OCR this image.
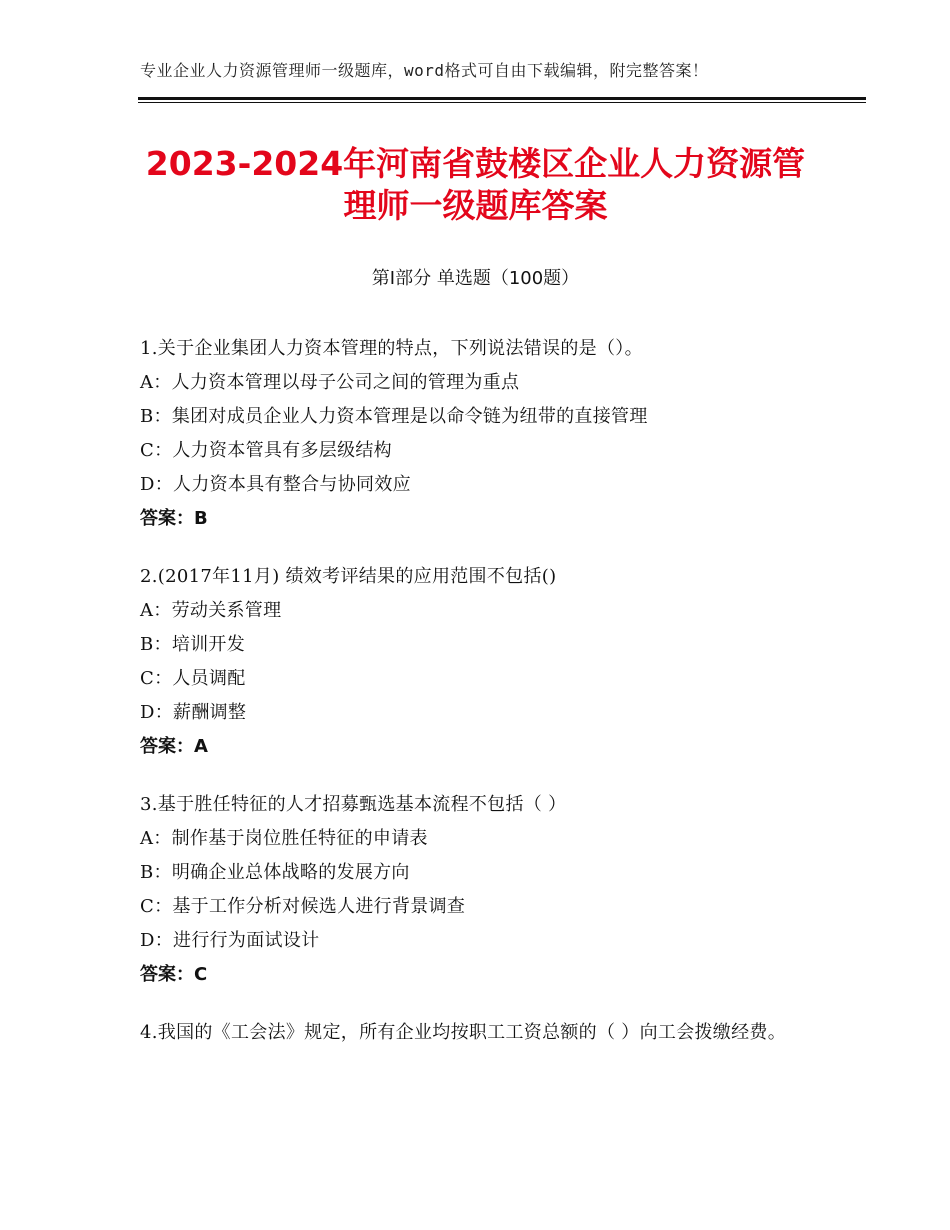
专业企业人力资源管理师一级题库，word格式可自由下载编辑，附完整答案！
2023-2024年河南省鼓楼区企业人力资源管理师一级题库答案
第I部分 单选题（100题）
1.关于企业集团人力资本管理的特点，下列说法错误的是（）。
A：人力资本管理以母子公司之间的管理为重点
B：集团对成员企业人力资本管理是以命令链为纽带的直接管理
C：人力资本管具有多层级结构
D：人力资本具有整合与协同效应
答案：B
2.(2017年11月) 绩效考评结果的应用范围不包括()
A：劳动关系管理
B：培训开发
C：人员调配
D：薪酬调整
答案：A
3.基于胜任特征的人才招募甄选基本流程不包括（ ）
A：制作基于岗位胜任特征的申请表
B：明确企业总体战略的发展方向
C：基于工作分析对候选人进行背景调查
D：进行行为面试设计
答案：C
4.我国的《工会法》规定，所有企业均按职工工资总额的（ ）向工会拨缴经费。
